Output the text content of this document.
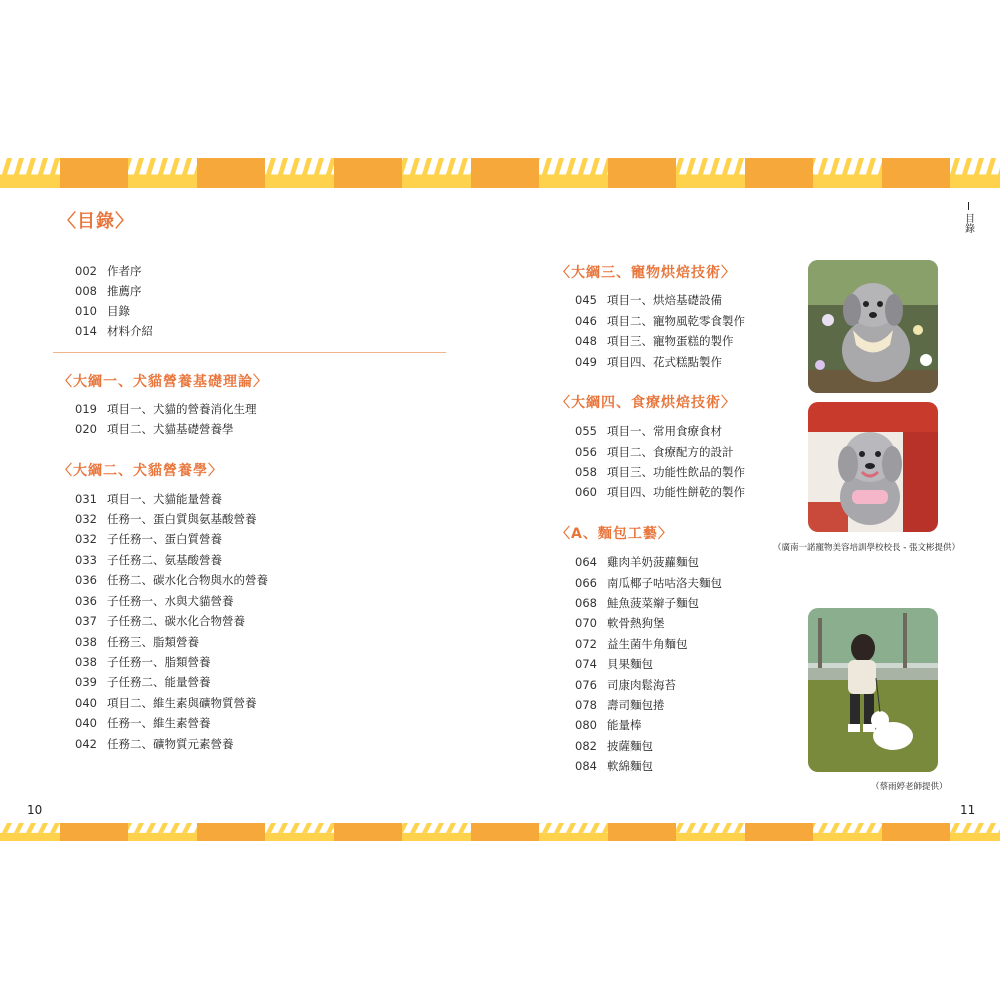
〈目錄〉
002 作者序
008 推薦序
010 目錄
014 材料介紹
〈大綱一、犬貓營養基礎理論〉
019 項目一、犬貓的營養消化生理
020 項目二、犬貓基礎營養學
〈大綱二、犬貓營養學〉
031 項目一、犬貓能量營養
032 任務一、蛋白質與氨基酸營養
032 子任務一、蛋白質營養
033 子任務二、氨基酸營養
036 任務二、碳水化合物與水的營養
036 子任務一、水與犬貓營養
037 子任務二、碳水化合物營養
038 任務三、脂類營養
038 子任務一、脂類營養
039 子任務二、能量營養
040 項目二、維生素與礦物質營養
040 任務一、維生素營養
042 任務二、礦物質元素營養
〈大綱三、寵物烘焙技術〉
045 項目一、烘焙基礎設備
046 項目二、寵物風乾零食製作
048 項目三、寵物蛋糕的製作
049 項目四、花式糕點製作
〈大綱四、食療烘焙技術〉
055 項目一、常用食療食材
056 項目二、食療配方的設計
058 項目三、功能性飲品的製作
060 項目四、功能性餅乾的製作
〈A、麵包工藝〉
064 雞肉羊奶菠蘿麵包
066 南瓜椰子咕咕洛夫麵包
068 鮭魚菠菜辮子麵包
070 軟骨熱狗堡
072 益生菌牛角麵包
074 貝果麵包
076 司康肉鬆海苔
078 壽司麵包捲
080 能量棒
082 披薩麵包
084 軟綿麵包
目錄
（廣南一諾寵物美容培訓學校校長 - 張文彬提供）
（蔡雨婷老師提供）
10	11
